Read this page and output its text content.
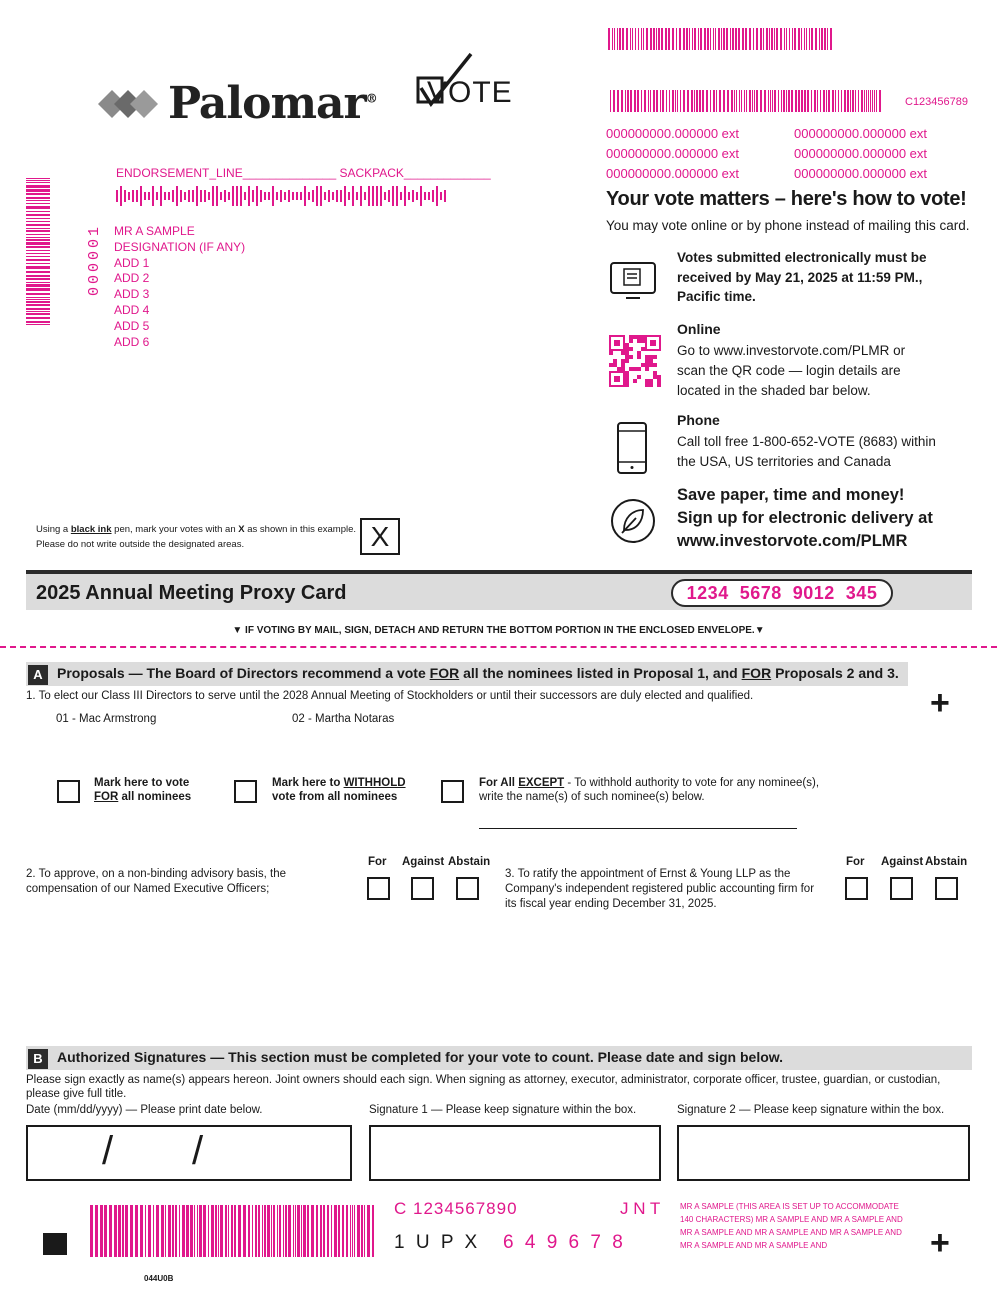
Palomar® VOTE	C123456789
000000000.000000 ext	000000000.000000 ext
000000000.000000 ext	000000000.000000 ext
000000000.000000 ext	000000000.000000 ext
ENDORSEMENT_LINE______________ SACKPACK_____________
000001 MR A SAMPLE
DESIGNATION (IF ANY)
ADD 1
ADD 2
ADD 3
ADD 4
ADD 5
ADD 6
Using a black ink pen, mark your votes with an X as shown in this example.
Please do not write outside the designated areas.	X
Your vote matters – here's how to vote!
You may vote online or by phone instead of mailing this card.
Votes submitted electronically must be received by May 21, 2025 at 11:59 PM., Pacific time.
Online
Go to www.investorvote.com/PLMR or scan the QR code — login details are located in the shaded bar below.
Phone
Call toll free 1-800-652-VOTE (8683) within the USA, US territories and Canada
Save paper, time and money!
Sign up for electronic delivery at
www.investorvote.com/PLMR
2025 Annual Meeting Proxy Card	1234  5678  9012  345
▼ IF VOTING BY MAIL, SIGN, DETACH AND RETURN THE BOTTOM PORTION IN THE ENCLOSED ENVELOPE.▼
A	Proposals — The Board of Directors recommend a vote FOR all the nominees listed in Proposal 1, and FOR Proposals 2 and 3.
+
1. To elect our Class III Directors to serve until the 2028 Annual Meeting of Stockholders or until their successors are duly elected and qualified.
01 - Mac Armstrong	02 - Martha Notaras
Mark here to vote
FOR all nominees
Mark here to WITHHOLD
vote from all nominees
For All EXCEPT - To withhold authority to vote for any nominee(s),
write the name(s) of such nominee(s) below.
2. To approve, on a non-binding advisory basis, the compensation of our Named Executive Officers;
For Against Abstain
3. To ratify the appointment of Ernst & Young LLP as the Company's independent registered public accounting firm for its fiscal year ending December 31, 2025.
For Against Abstain
B	Authorized Signatures — This section must be completed for your vote to count. Please date and sign below.
Please sign exactly as name(s) appears hereon. Joint owners should each sign. When signing as attorney, executor, administrator, corporate officer, trustee, guardian, or custodian, please give full title.
Date (mm/dd/yyyy) — Please print date below.	Signature 1 — Please keep signature within the box.	Signature 2 — Please keep signature within the box.
/ /
C 1234567890	J N T
1 U P X 6 4 9 6 7 8
MR A SAMPLE (THIS AREA IS SET UP TO ACCOMMODATE 140 CHARACTERS) MR A SAMPLE AND MR A SAMPLE AND MR A SAMPLE AND MR A SAMPLE AND MR A SAMPLE AND MR A SAMPLE AND MR A SAMPLE AND	+
044U0B
